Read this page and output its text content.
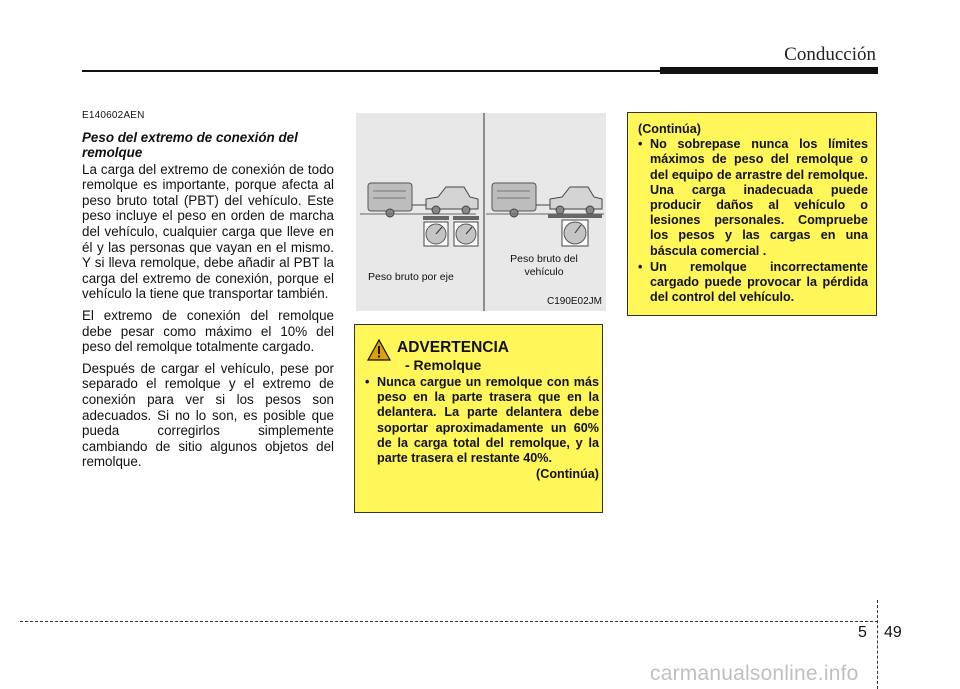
Conducción
E140602AEN
Peso del extremo de conexión del remolque

La carga del extremo de conexión de todo remolque es importante, porque afecta al peso bruto total (PBT) del vehículo. Este peso incluye el peso en orden de marcha del vehículo, cualquier carga que lleve en él y las personas que vayan en el mismo. Y si lleva remolque, debe añadir al PBT la carga del extremo de conexión, porque el vehículo la tiene que transportar también.

El extremo de conexión del remolque debe pesar como máximo el 10% del peso del remolque totalmente cargado.

Después de cargar el vehículo, pese por separado el remolque y el extremo de conexión para ver si los pesos son adecuados. Si no lo son, es posible que pueda corregirlos simplemente cambiando de sitio algunos objetos del remolque.

Peso bruto por eje
Peso bruto del vehículo
C190E02JM
ADVERTENCIA
- Remolque
• Nunca cargue un remolque con más peso en la parte trasera que en la delantera. La parte delantera debe soportar aproximadamente un 60% de la carga total del remolque, y la parte trasera el restante 40%.
(Continúa)
(Continúa)
• No sobrepase nunca los límites máximos de peso del remolque o del equipo de arrastre del remolque. Una carga inadecuada puede producir daños al vehículo o lesiones personales. Compruebe los pesos y las cargas en una báscula comercial .
• Un remolque incorrectamente cargado puede provocar la pérdida del control del vehículo.
5 49
carmanualsonline.info
